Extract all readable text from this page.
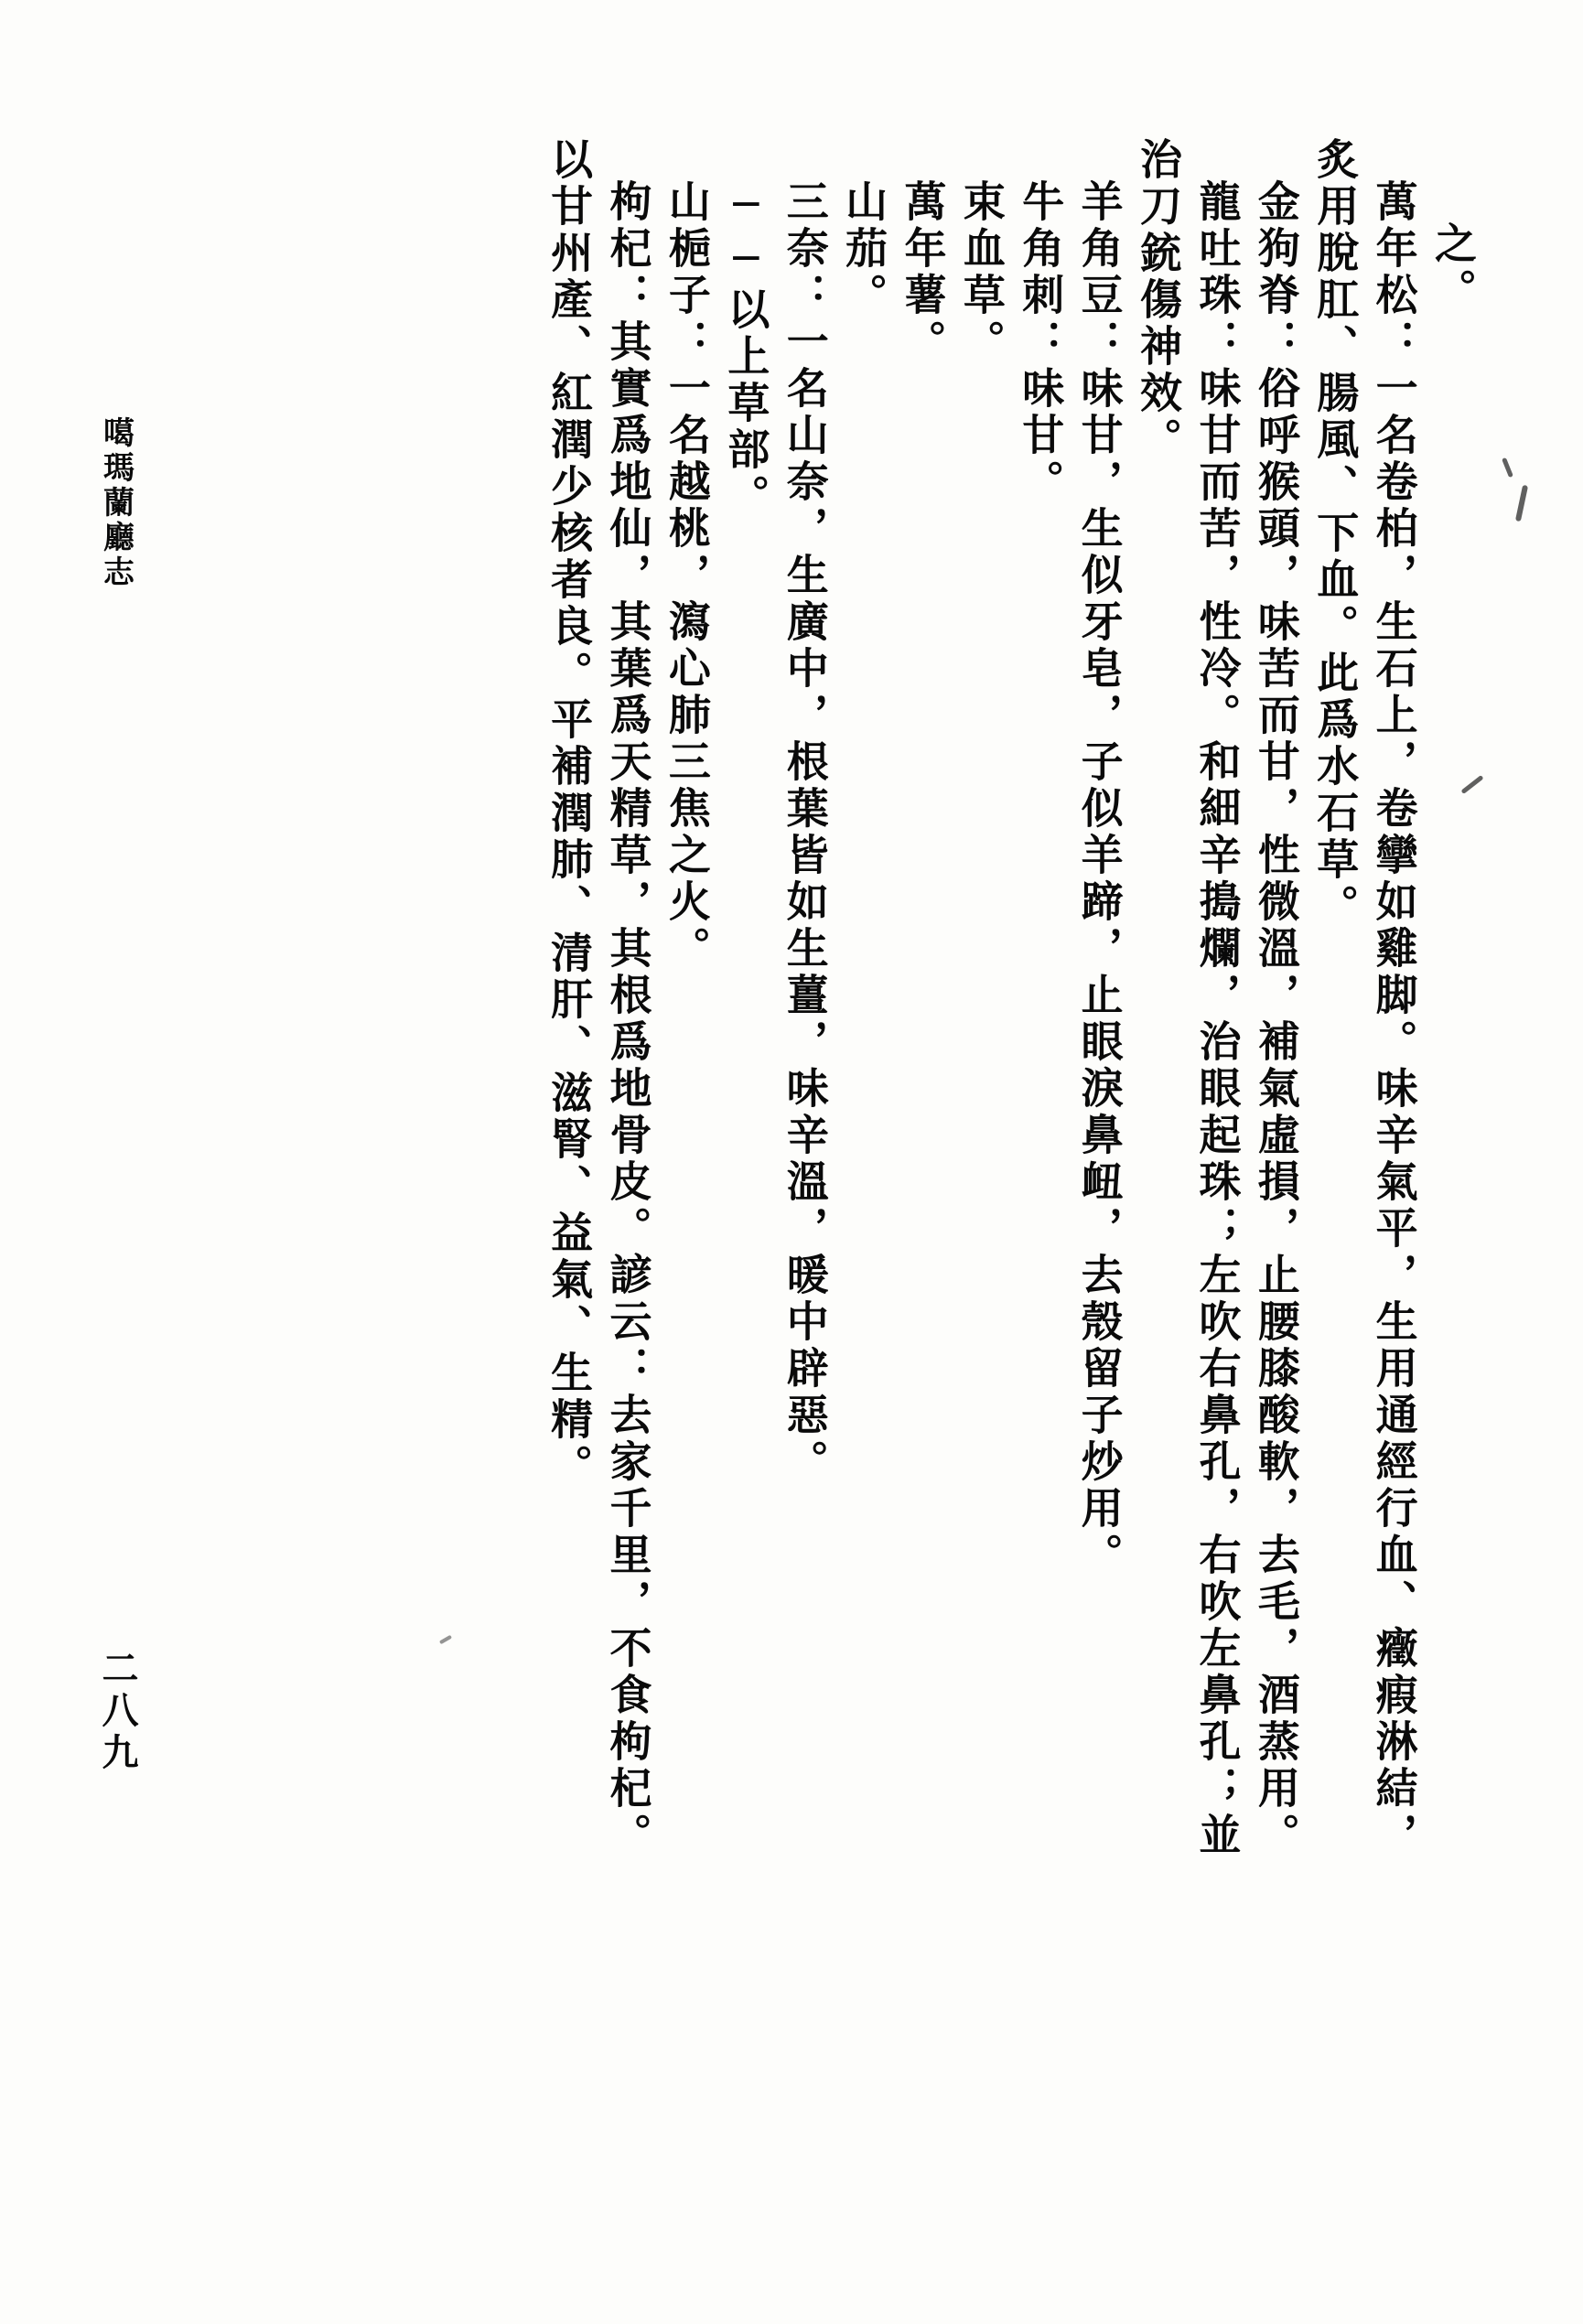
之。
萬年松：一名卷柏，生石上，卷攣如雞脚。味辛氣平，生用通經行血、癥瘕淋結，
炙用脫肛、腸風、下血。此爲水石草。
金狗脊：俗呼猴頭，味苦而甘，性微溫，補氣虛損，止腰膝酸軟，去毛，酒蒸用。
龍吐珠：味甘而苦，性冷。和細辛搗爛，治眼起珠；左吹右鼻孔，右吹左鼻孔；並
治刀銃傷神效。
羊角豆：味甘，生似牙皂，子似羊蹄，止眼淚鼻衄，去殼留子炒用。
牛角刺：味甘。
束血草。
萬年薯。
山茄。
三奈：一名山奈，生廣中，根葉皆如生薑，味辛溫，暖中辟惡。
──以上草部。
山梔子：一名越桃，瀉心肺三焦之火。
枸杞：其實爲地仙，其葉爲天精草，其根爲地骨皮。諺云：去家千里，不食枸杞。
以甘州產、紅潤少核者良。平補潤肺、清肝、滋腎、益氣、生精。
噶瑪蘭廳志
二八九
